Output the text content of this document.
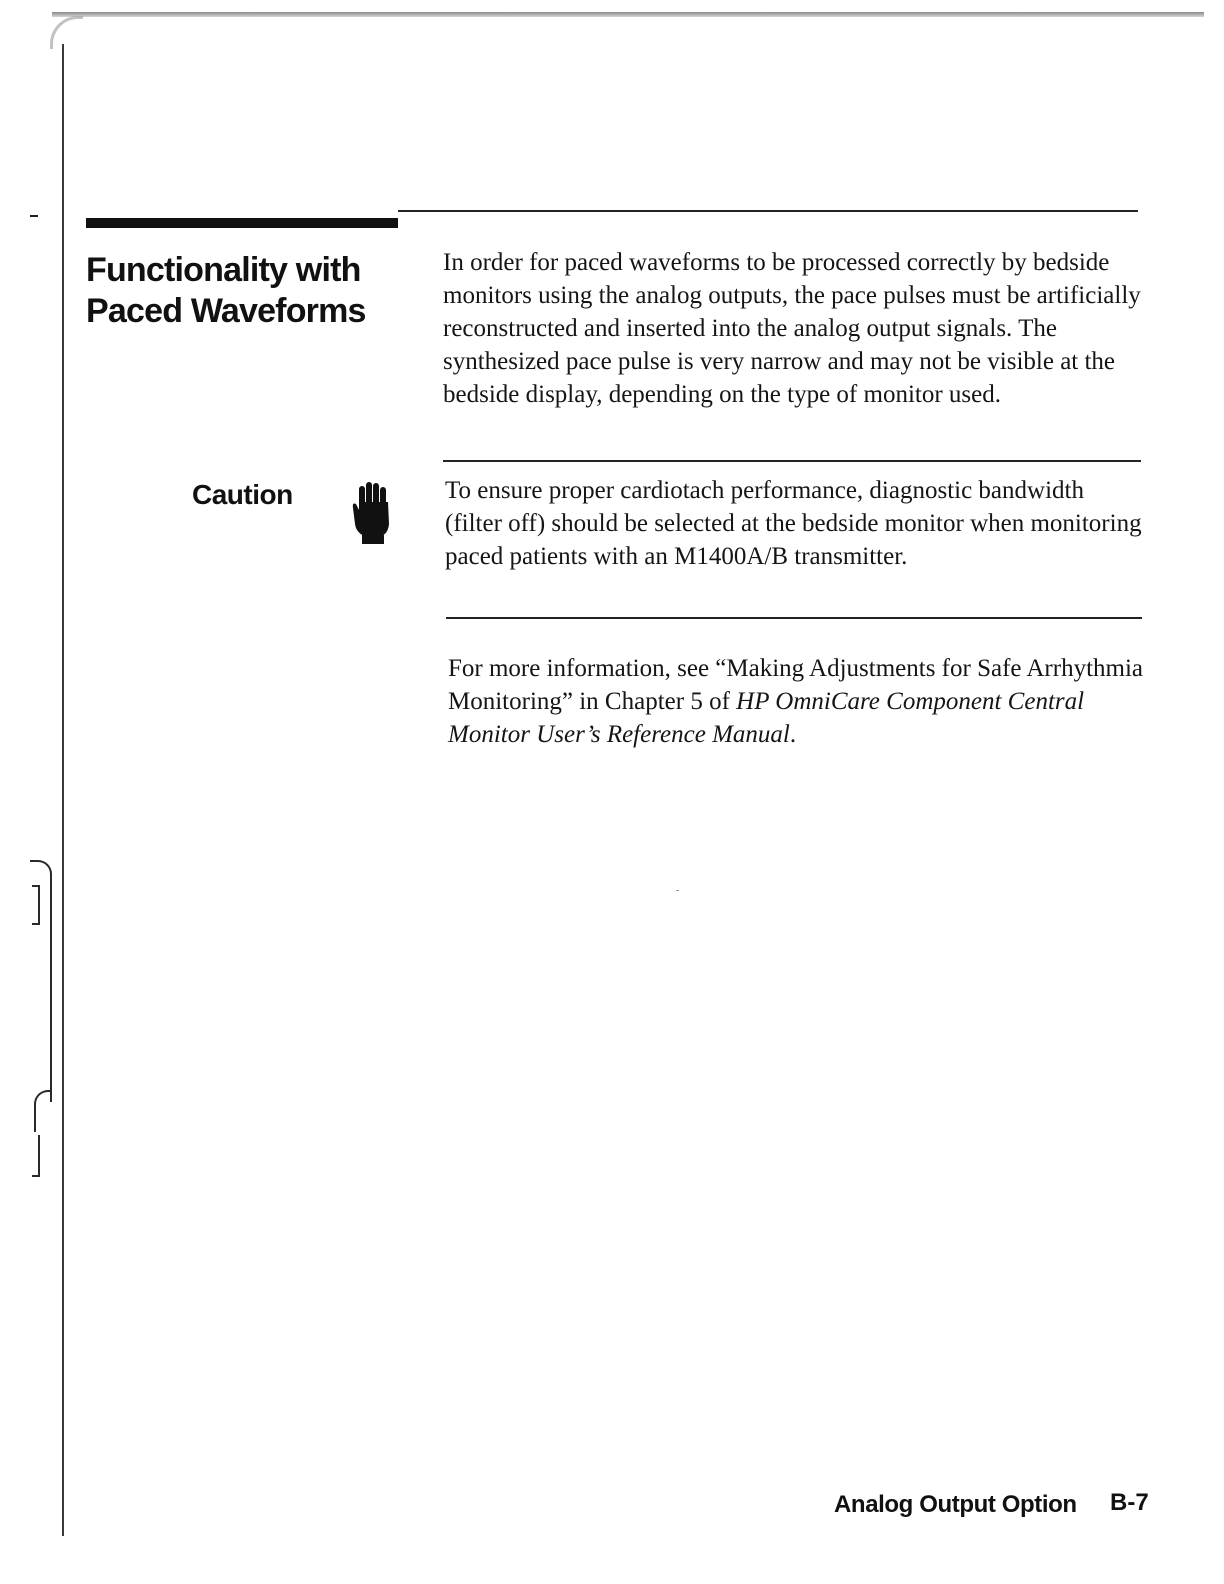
Functionality with
Paced Waveforms

In order for paced waveforms to be processed correctly by bedside monitors using the analog outputs, the pace pulses must be artificially reconstructed and inserted into the analog output signals. The synthesized pace pulse is very narrow and may not be visible at the bedside display, depending on the type of monitor used.

Caution	To ensure proper cardiotach performance, diagnostic bandwidth (filter off) should be selected at the bedside monitor when monitoring paced patients with an M1400A/B transmitter.

For more information, see “Making Adjustments for Safe Arrhythmia Monitoring” in Chapter 5 of HP OmniCare Component Central Monitor User’s Reference Manual.

Analog Output Option B-7
